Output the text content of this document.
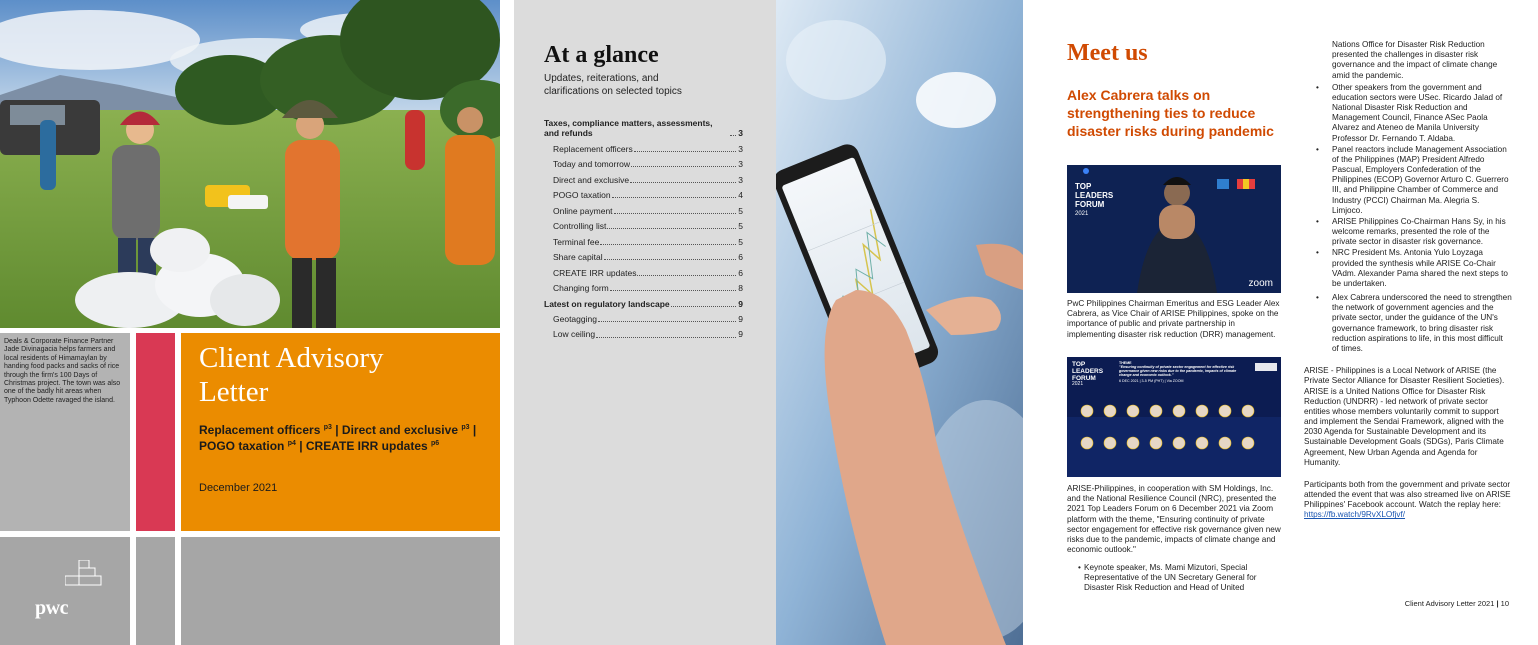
Deals & Corporate Finance Partner Jade Divinagacia helps farmers and local residents of Himamaylan by handing food packs and sacks of rice through the firm's 100 Days of Christmas project. The town was also one of the badly hit areas when Typhoon Odette ravaged the island.

Client Advisory
Letter
Replacement officers $^{p3}$ | Direct and exclusive $^{p3}$ | POGO taxation $^{p4}$ | CREATE IRR updates $^{p6}$
December 2021
pwc
At a glance

Updates, reiterations, and clarifications on selected topics

Taxes, compliance matters, assessments, and refunds	3
Replacement officers	3
Today and tomorrow	3
Direct and exclusive	3
POGO taxation	4
Online payment	5
Controlling list	5
Terminal fee	5
Share capital	6
CREATE IRR updates	6
Changing form	8
Latest on regulatory landscape	9
Geotagging	9
Low ceiling	9
Meet us
Alex Cabrera talks on strengthening ties to reduce disaster risks during pandemic
TOP
LEADERS
FORUM
2021
zoom

PwC Philippines Chairman Emeritus and ESG Leader Alex Cabrera, as Vice Chair of ARISE Philippines, spoke on the importance of public and private partnership in implementing disaster risk reduction (DRR) management.

TOP
LEADERS
FORUM
2021
THEME
"Ensuring continuity of private sector engagement for effective risk governance given new risks due to the pandemic, impacts of climate change and economic outlook."
6 DEC 2021 | 3-5 PM (PHT) | Via ZOOM

ARISE-Philippines, in cooperation with SM Holdings, Inc. and the National Resilience Council (NRC), presented the 2021 Top Leaders Forum on 6 December 2021 via Zoom platform with the theme, "Ensuring continuity of private sector engagement for effective risk governance given new risks due to the pandemic, impacts of climate change and economic outlook."

• Keynote speaker, Ms. Mami Mizutori, Special Representative of the UN Secretary General for Disaster Risk Reduction and Head of United

Nations Office for Disaster Risk Reduction presented the challenges in disaster risk governance and the impact of climate change amid the pandemic.

• Other speakers from the government and education sectors were USec. Ricardo Jalad of National Disaster Risk Reduction and Management Council, Finance ASec Paola Alvarez and Ateneo de Manila University Professor Dr. Fernando T. Aldaba.
• Panel reactors include Management Association of the Philippines (MAP) President Alfredo Pascual, Employers Confederation of the Philippines (ECOP) Governor Arturo C. Guerrero III, and Philippine Chamber of Commerce and Industry (PCCI) Chairman Ma. Alegria S. Limjoco.
• ARISE Philippines Co-Chairman Hans Sy, in his welcome remarks, presented the role of the private sector in disaster risk governance.
• NRC President Ms. Antonia Yulo Loyzaga provided the synthesis while ARISE Co-Chair VAdm. Alexander Pama shared the next steps to be undertaken.
• Alex Cabrera underscored the need to strengthen the network of government agencies and the private sector, under the guidance of the UN's governance framework, to bring disaster risk reduction aspirations to life, in this most difficult of times.

ARISE - Philippines is a Local Network of ARISE (the Private Sector Alliance for Disaster Resilient Societies). ARISE is a United Nations Office for Disaster Risk Reduction (UNDRR) - led network of private sector entities whose members voluntarily commit to support and implement the Sendai Framework, aligned with the 2030 Agenda for Sustainable Development and its Sustainable Development Goals (SDGs), Paris Climate Agreement, New Urban Agenda and Agenda for Humanity.

Participants both from the government and private sector attended the event that was also streamed live on ARISE Philippines' Facebook account. Watch the replay here: https://fb.watch/9RvXLOfjvf/

Client Advisory Letter 2021 | 10
